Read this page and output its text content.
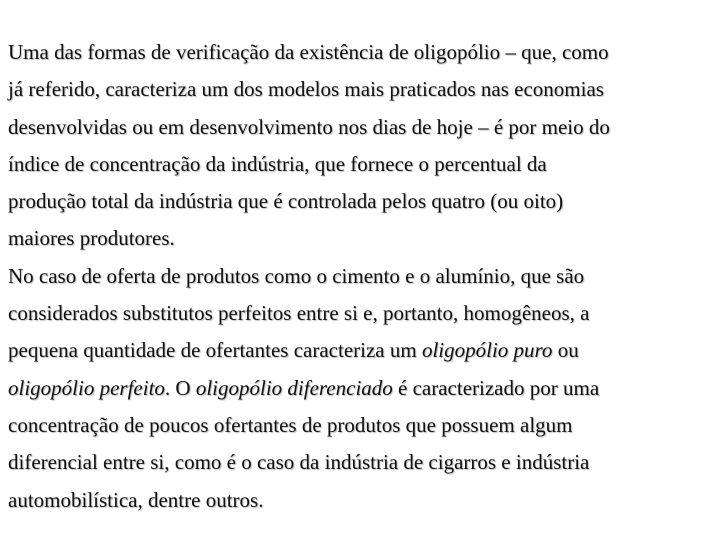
Uma das formas de verificação da existência de oligopólio – que, como
já referido, caracteriza um dos modelos mais praticados nas economias
desenvolvidas ou em desenvolvimento nos dias de hoje – é por meio do
índice de concentração da indústria, que fornece o percentual da
produção total da indústria que é controlada pelos quatro (ou oito)
maiores produtores.

No caso de oferta de produtos como o cimento e o alumínio, que são
considerados substitutos perfeitos entre si e, portanto, homogêneos, a
pequena quantidade de ofertantes caracteriza um oligopólio puro ou
oligopólio perfeito. O oligopólio diferenciado é caracterizado por uma
concentração de poucos ofertantes de produtos que possuem algum
diferencial entre si, como é o caso da indústria de cigarros e indústria
automobilística, dentre outros.
